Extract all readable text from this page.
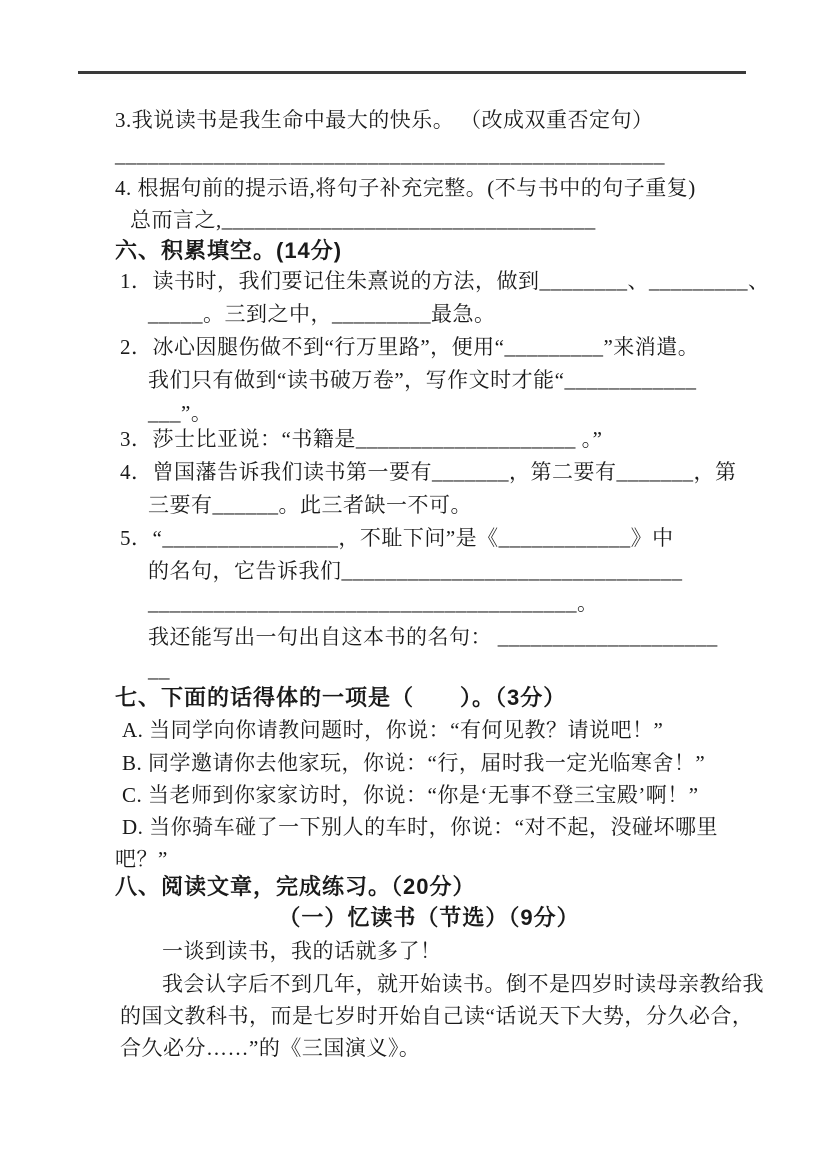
3.我说读书是我生命中最大的快乐。 （改成双重否定句）
__________________________________________________
4. 根据句前的提示语,将句子补充完整。(不与书中的句子重复)
总而言之,__________________________________
六、积累填空。(14分)
1．读书时，我们要记住朱熹说的方法，做到________、_________、
_____。三到之中，_________最急。
2．冰心因腿伤做不到“行万里路”，便用“_________”来消遣。
我们只有做到“读书破万卷”，写作文时才能“____________
___”。
3．莎士比亚说：“书籍是____________________ 。”
4．曾国藩告诉我们读书第一要有_______，第二要有_______，第
三要有______。此三者缺一不可。
5．“________________，不耻下问”是《____________》中
的名句，它告诉我们_______________________________
_______________________________________。
我还能写出一句出自这本书的名句： ____________________
__
七、下面的话得体的一项是（　　）。（3分）
A. 当同学向你请教问题时，你说：“有何见教？请说吧！”
B. 同学邀请你去他家玩，你说：“行，届时我一定光临寒舍！”
C. 当老师到你家家访时，你说：“你是‘无事不登三宝殿’啊！”
D. 当你骑车碰了一下别人的车时，你说：“对不起，没碰坏哪里
吧？”
八、阅读文章，完成练习。（20分）
（一）忆读书（节选）（9分）
一谈到读书，我的话就多了！
我会认字后不到几年，就开始读书。倒不是四岁时读母亲教给我
的国文教科书，而是七岁时开始自己读“话说天下大势，分久必合，
合久必分……”的《三国演义》。
